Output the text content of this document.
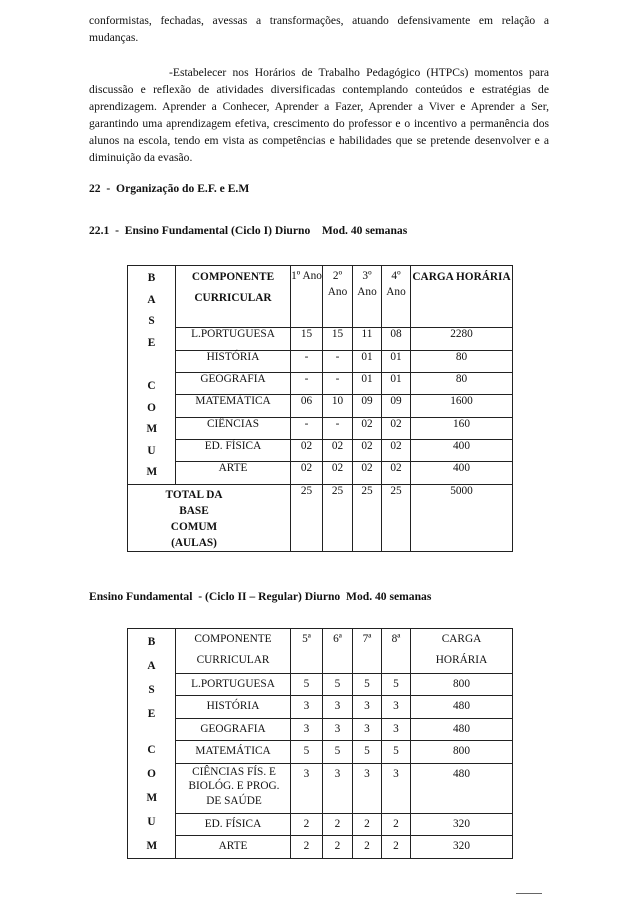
conformistas, fechadas, avessas a transformações, atuando defensivamente em relação a mudanças.
-Estabelecer nos Horários de Trabalho Pedagógico (HTPCs) momentos para discussão e reflexão de atividades diversificadas contemplando conteúdos e estratégias de aprendizagem. Aprender a Conhecer, Aprender a Fazer, Aprender a Viver e Aprender a Ser, garantindo uma aprendizagem efetiva, crescimento do professor e o incentivo a permanência dos alunos na escola, tendo em vista as competências e habilidades que se pretende desenvolver e a diminuição da evasão.
22  -  Organização do E.F. e E.M
22.1  -  Ensino Fundamental (Ciclo I) Diurno    Mod. 40 semanas
B A S E
C O M U M	COMPONENTE CURRICULAR	1º Ano	2º Ano	3º Ano	4º Ano	CARGA HORÁRIA
	L.PORTUGUESA	15	15	11	08	2280
	HISTÓRIA	-	-	01	01	80
	GEOGRAFIA	-	-	01	01	80
	MATEMÁTICA	06	10	09	09	1600
	CIÊNCIAS	-	-	02	02	160
	ED. FÍSICA	02	02	02	02	400
	ARTE	02	02	02	02	400
TOTAL DA BASE COMUM (AULAS)		25	25	25	25	5000
Ensino Fundamental  - (Ciclo II – Regular) Diurno  Mod. 40 semanas
B A S E
C O M U M	COMPONENTE CURRICULAR	5ª	6ª	7ª	8ª	CARGA HORÁRIA
	L.PORTUGUESA	5	5	5	5	800
	HISTÓRIA	3	3	3	3	480
	GEOGRAFIA	3	3	3	3	480
	MATEMÁTICA	5	5	5	5	800
	CIÊNCIAS FÍS. E BIOLÓG. E PROG. DE SAÚDE	3	3	3	3	480
	ED. FÍSICA	2	2	2	2	320
	ARTE	2	2	2	2	320
